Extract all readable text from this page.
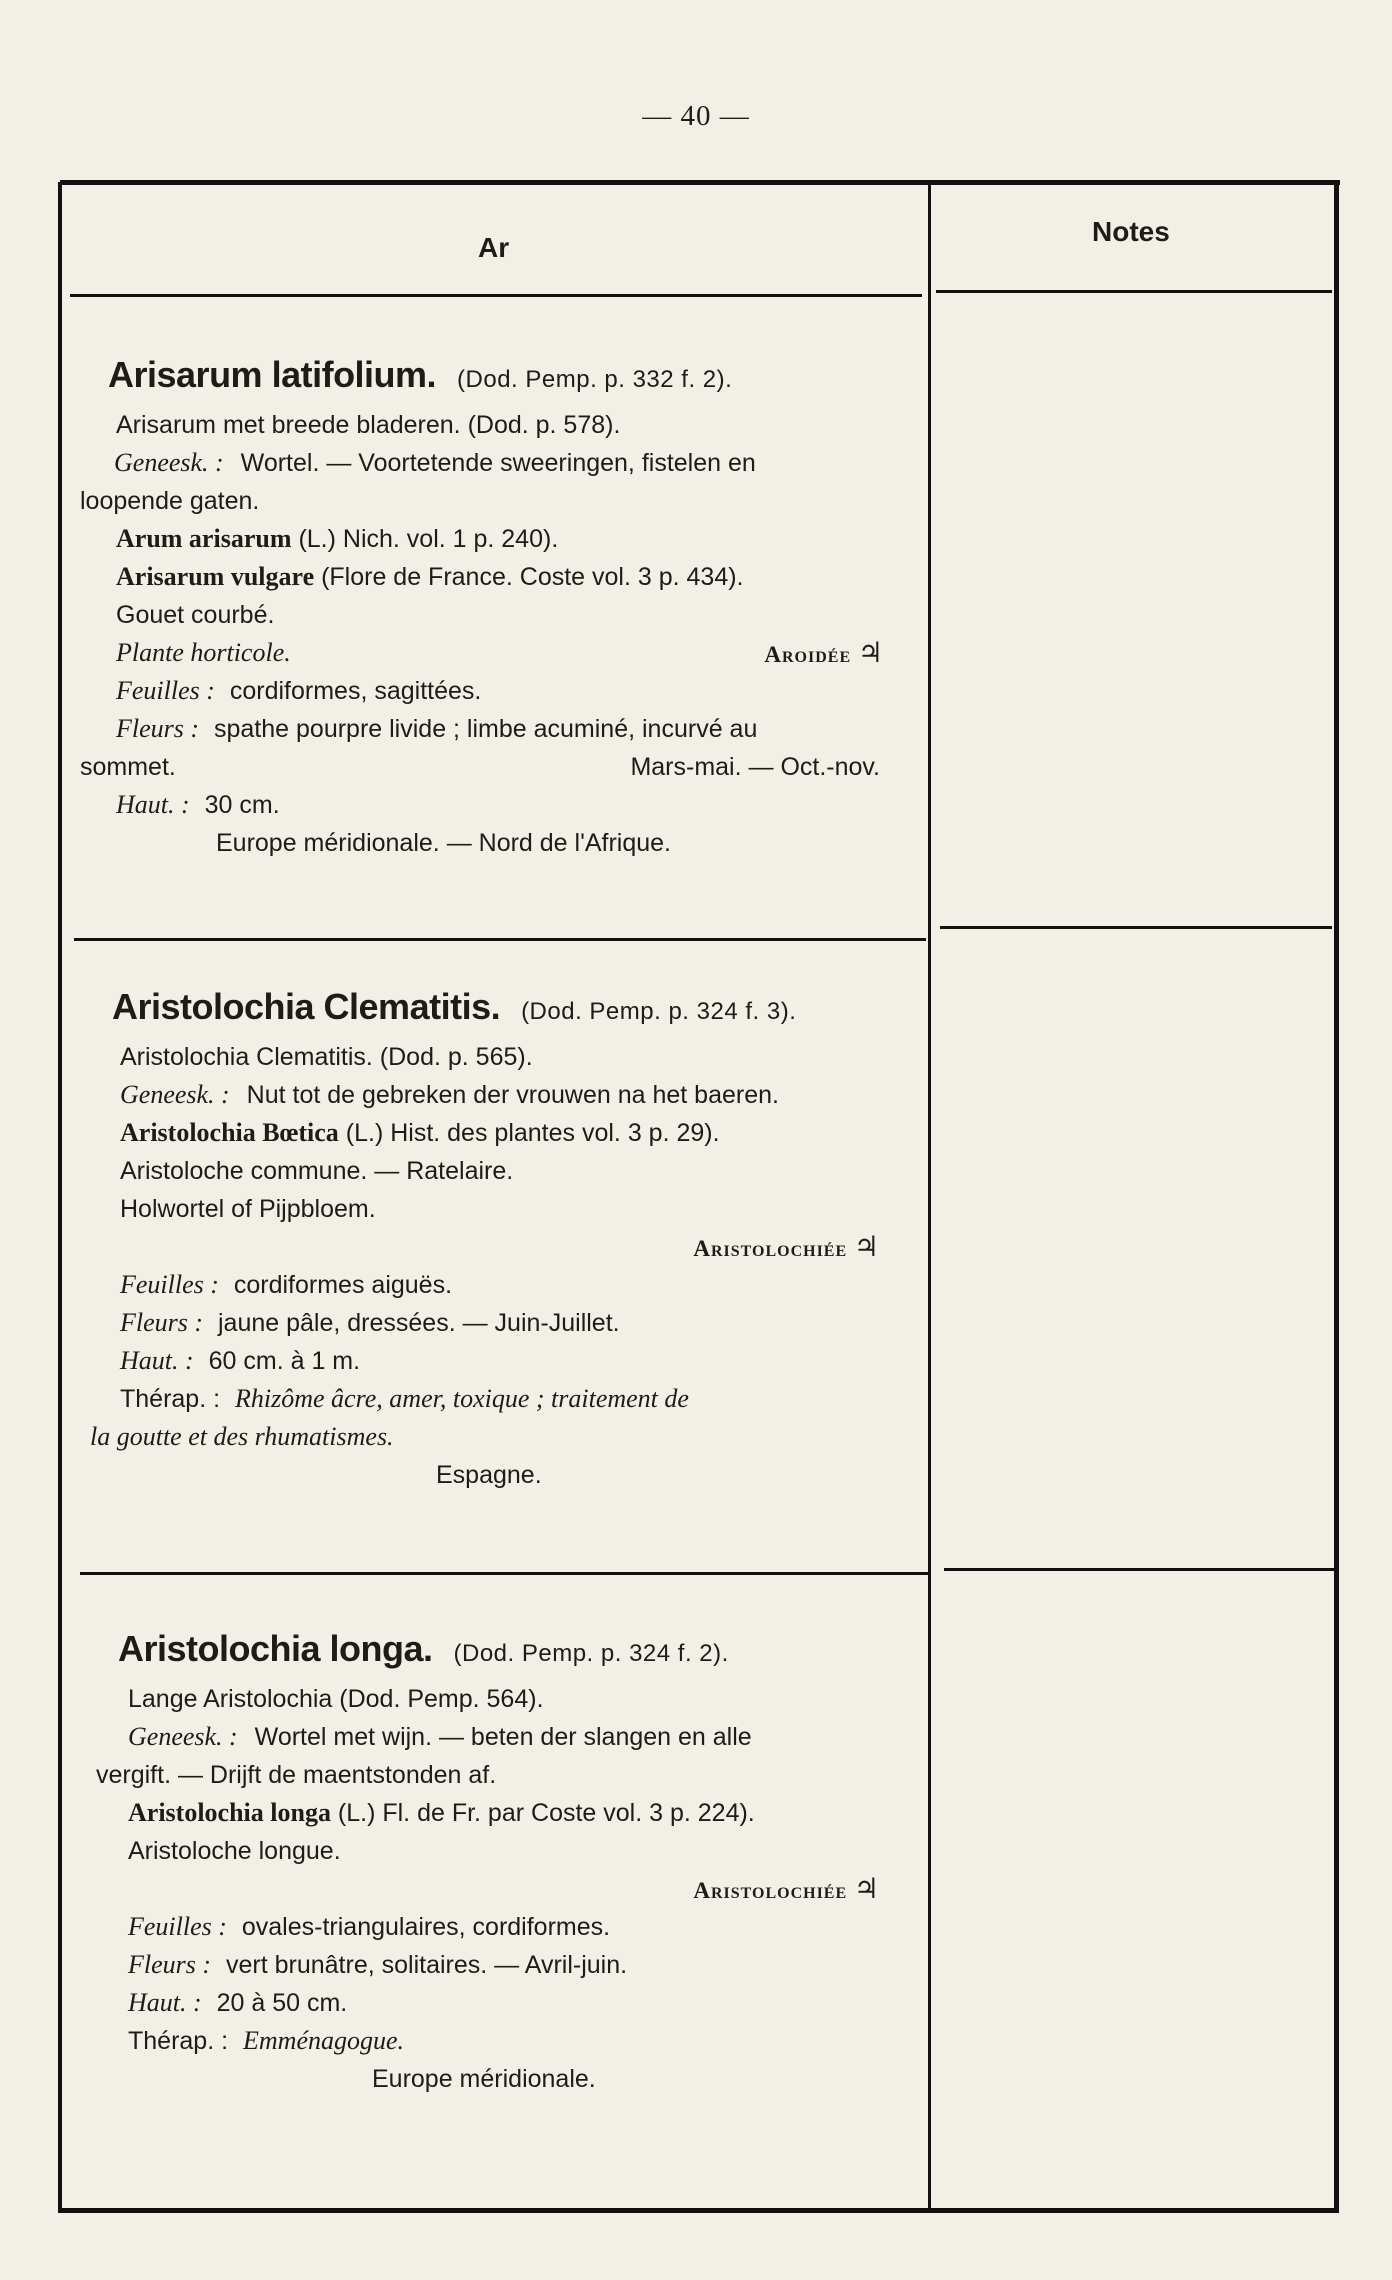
— 40 —
Ar
Notes
Arisarum latifolium. (Dod. Pemp. p. 332 f. 2).
Arisarum met breede bladeren. (Dod. p. 578).
Geneesk. : Wortel. — Voortetende sweeringen, fistelen en
loopende gaten.
Arum arisarum (L.) Nich. vol. 1 p. 240).
Arisarum vulgare (Flore de France. Coste vol. 3 p. 434).
Gouet courbé.
Plante horticole.	Aroidée ♃
Feuilles : cordiformes, sagittées.
Fleurs : spathe pourpre livide ; limbe acuminé, incurvé au
sommet.	Mars-mai. — Oct.-nov.
Haut. : 30 cm.
Europe méridionale. — Nord de l'Afrique.
Aristolochia Clematitis. (Dod. Pemp. p. 324 f. 3).
Aristolochia Clematitis. (Dod. p. 565).
Geneesk. : Nut tot de gebreken der vrouwen na het baeren.
Aristolochia Bœtica (L.) Hist. des plantes vol. 3 p. 29).
Aristoloche commune. — Ratelaire.
Holwortel of Pijpbloem.
Aristolochiée ♃
Feuilles : cordiformes aiguës.
Fleurs : jaune pâle, dressées. — Juin-Juillet.
Haut. : 60 cm. à 1 m.
Thérap. : Rhizôme âcre, amer, toxique ; traitement de
la goutte et des rhumatismes.
Espagne.
Aristolochia longa. (Dod. Pemp. p. 324 f. 2).
Lange Aristolochia (Dod. Pemp. 564).
Geneesk. : Wortel met wijn. — beten der slangen en alle
vergift. — Drijft de maentstonden af.
Aristolochia longa (L.) Fl. de Fr. par Coste vol. 3 p. 224).
Aristoloche longue.
Aristolochiée ♃
Feuilles : ovales-triangulaires, cordiformes.
Fleurs : vert brunâtre, solitaires. — Avril-juin.
Haut. : 20 à 50 cm.
Thérap. : Emménagogue.
Europe méridionale.
